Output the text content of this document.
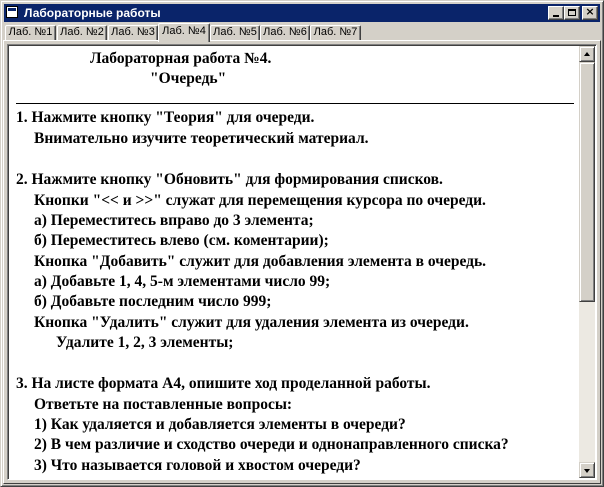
Лабораторные работы	×
Лаб. №1 Лаб. №2 Лаб. №3 Лаб. №4 Лаб. №5 Лаб. №6 Лаб. №7
Лабораторная работа №4.
"Очередь"
1. Нажмите кнопку "Теория" для очереди.
Внимательно изучите теоретический материал.
2. Нажмите кнопку "Обновить" для формирования списков.
Кнопки "<< и >>" служат для перемещения курсора по очереди.
а) Переместитесь вправо до 3 элемента;
б) Переместитесь влево (см. коментарии);
Кнопка "Добавить" служит для добавления элемента в очередь.
а) Добавьте 1, 4, 5-м элементами число 99;
б) Добавьте последним число 999;
Кнопка "Удалить" служит для удаления элемента из очереди.
Удалите 1, 2, 3 элементы;
3. На листе формата А4, опишите ход проделанной работы.
Ответьте на поставленные вопросы:
1) Как удаляется и добавляется элементы в очереди?
2) В чем различие и сходство очереди и однонаправленного списка?
3) Что называется головой и хвостом очереди?
